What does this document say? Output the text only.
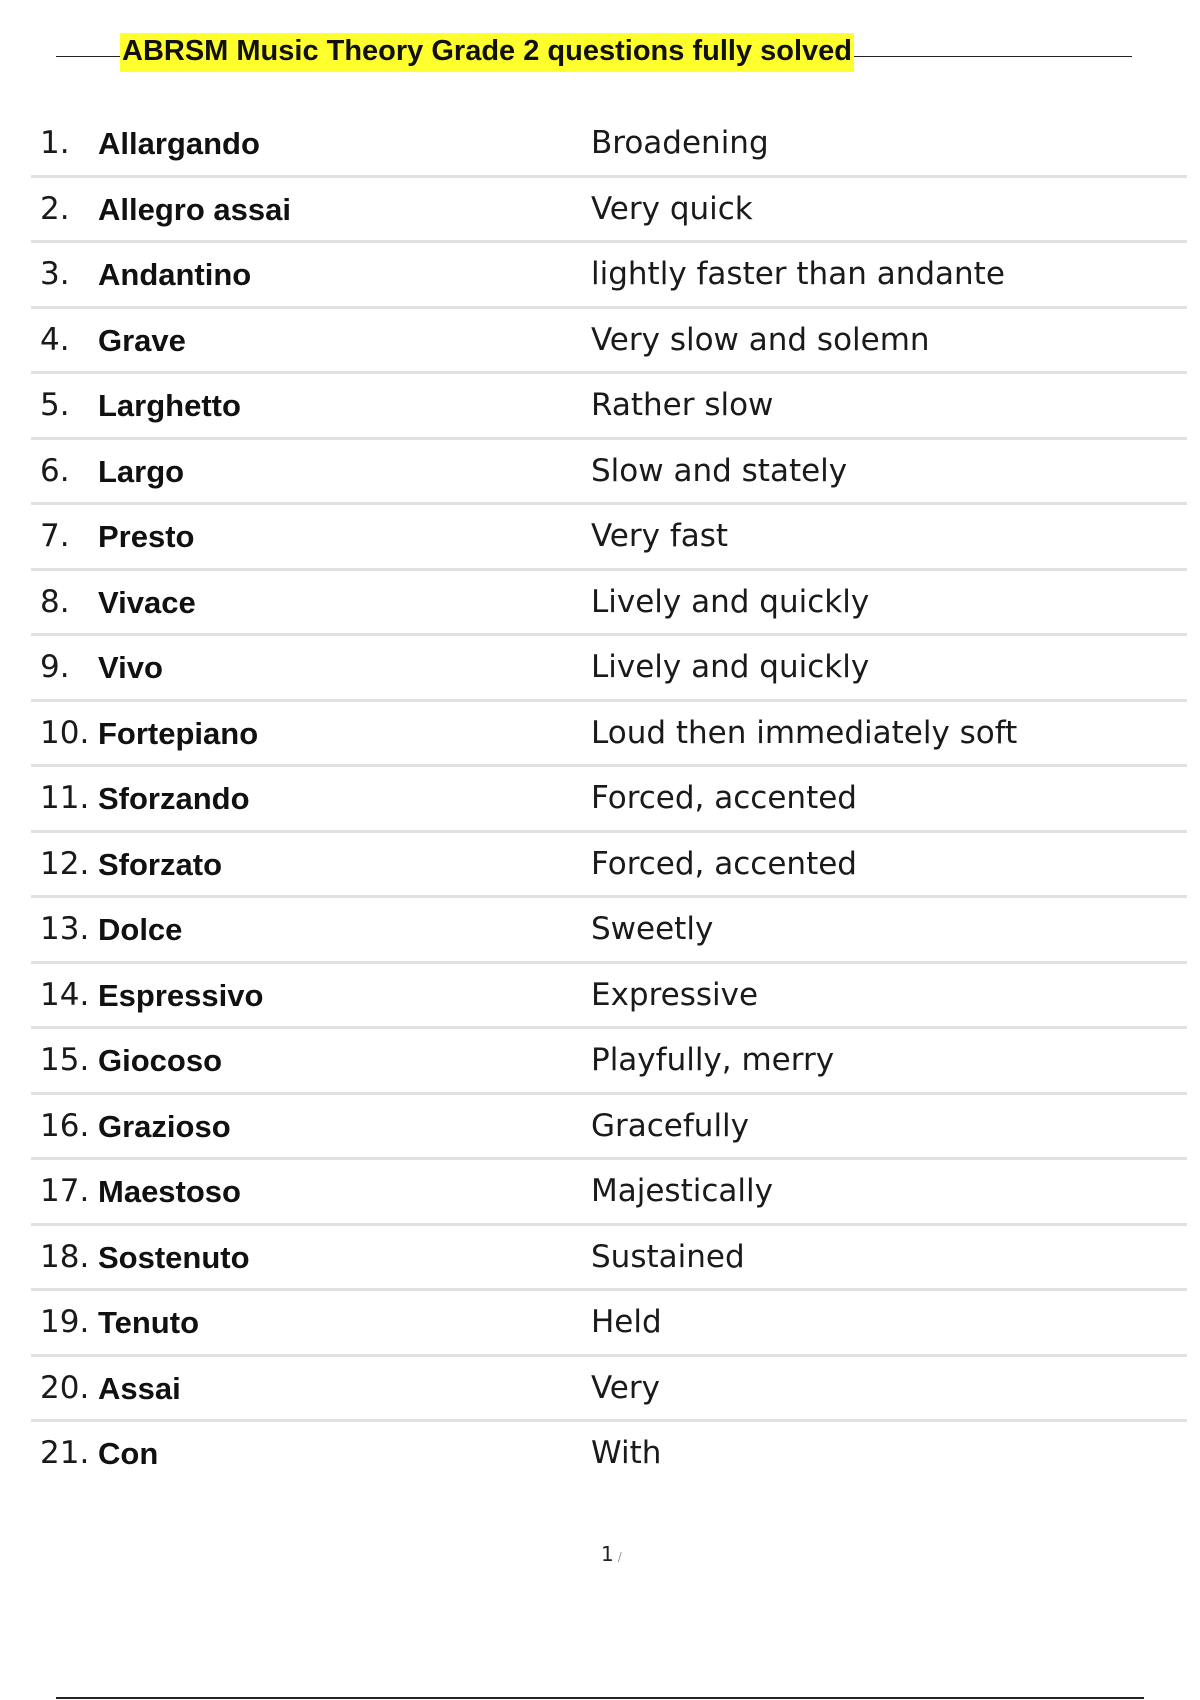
ABRSM Music Theory Grade 2 questions fully solved
1. Allargando	Broadening
2. Allegro assai	Very quick
3. Andantino	lightly faster than andante
4. Grave	Very slow and solemn
5. Larghetto	Rather slow
6. Largo	Slow and stately
7. Presto	Very fast
8. Vivace	Lively and quickly
9. Vivo	Lively and quickly
10. Fortepiano	Loud then immediately soft
11. Sforzando	Forced, accented
12. Sforzato	Forced, accented
13. Dolce	Sweetly
14. Espressivo	Expressive
15. Giocoso	Playfully, merry
16. Grazioso	Gracefully
17. Maestoso	Majestically
18. Sostenuto	Sustained
19. Tenuto	Held
20. Assai	Very
21. Con	With
1 /
